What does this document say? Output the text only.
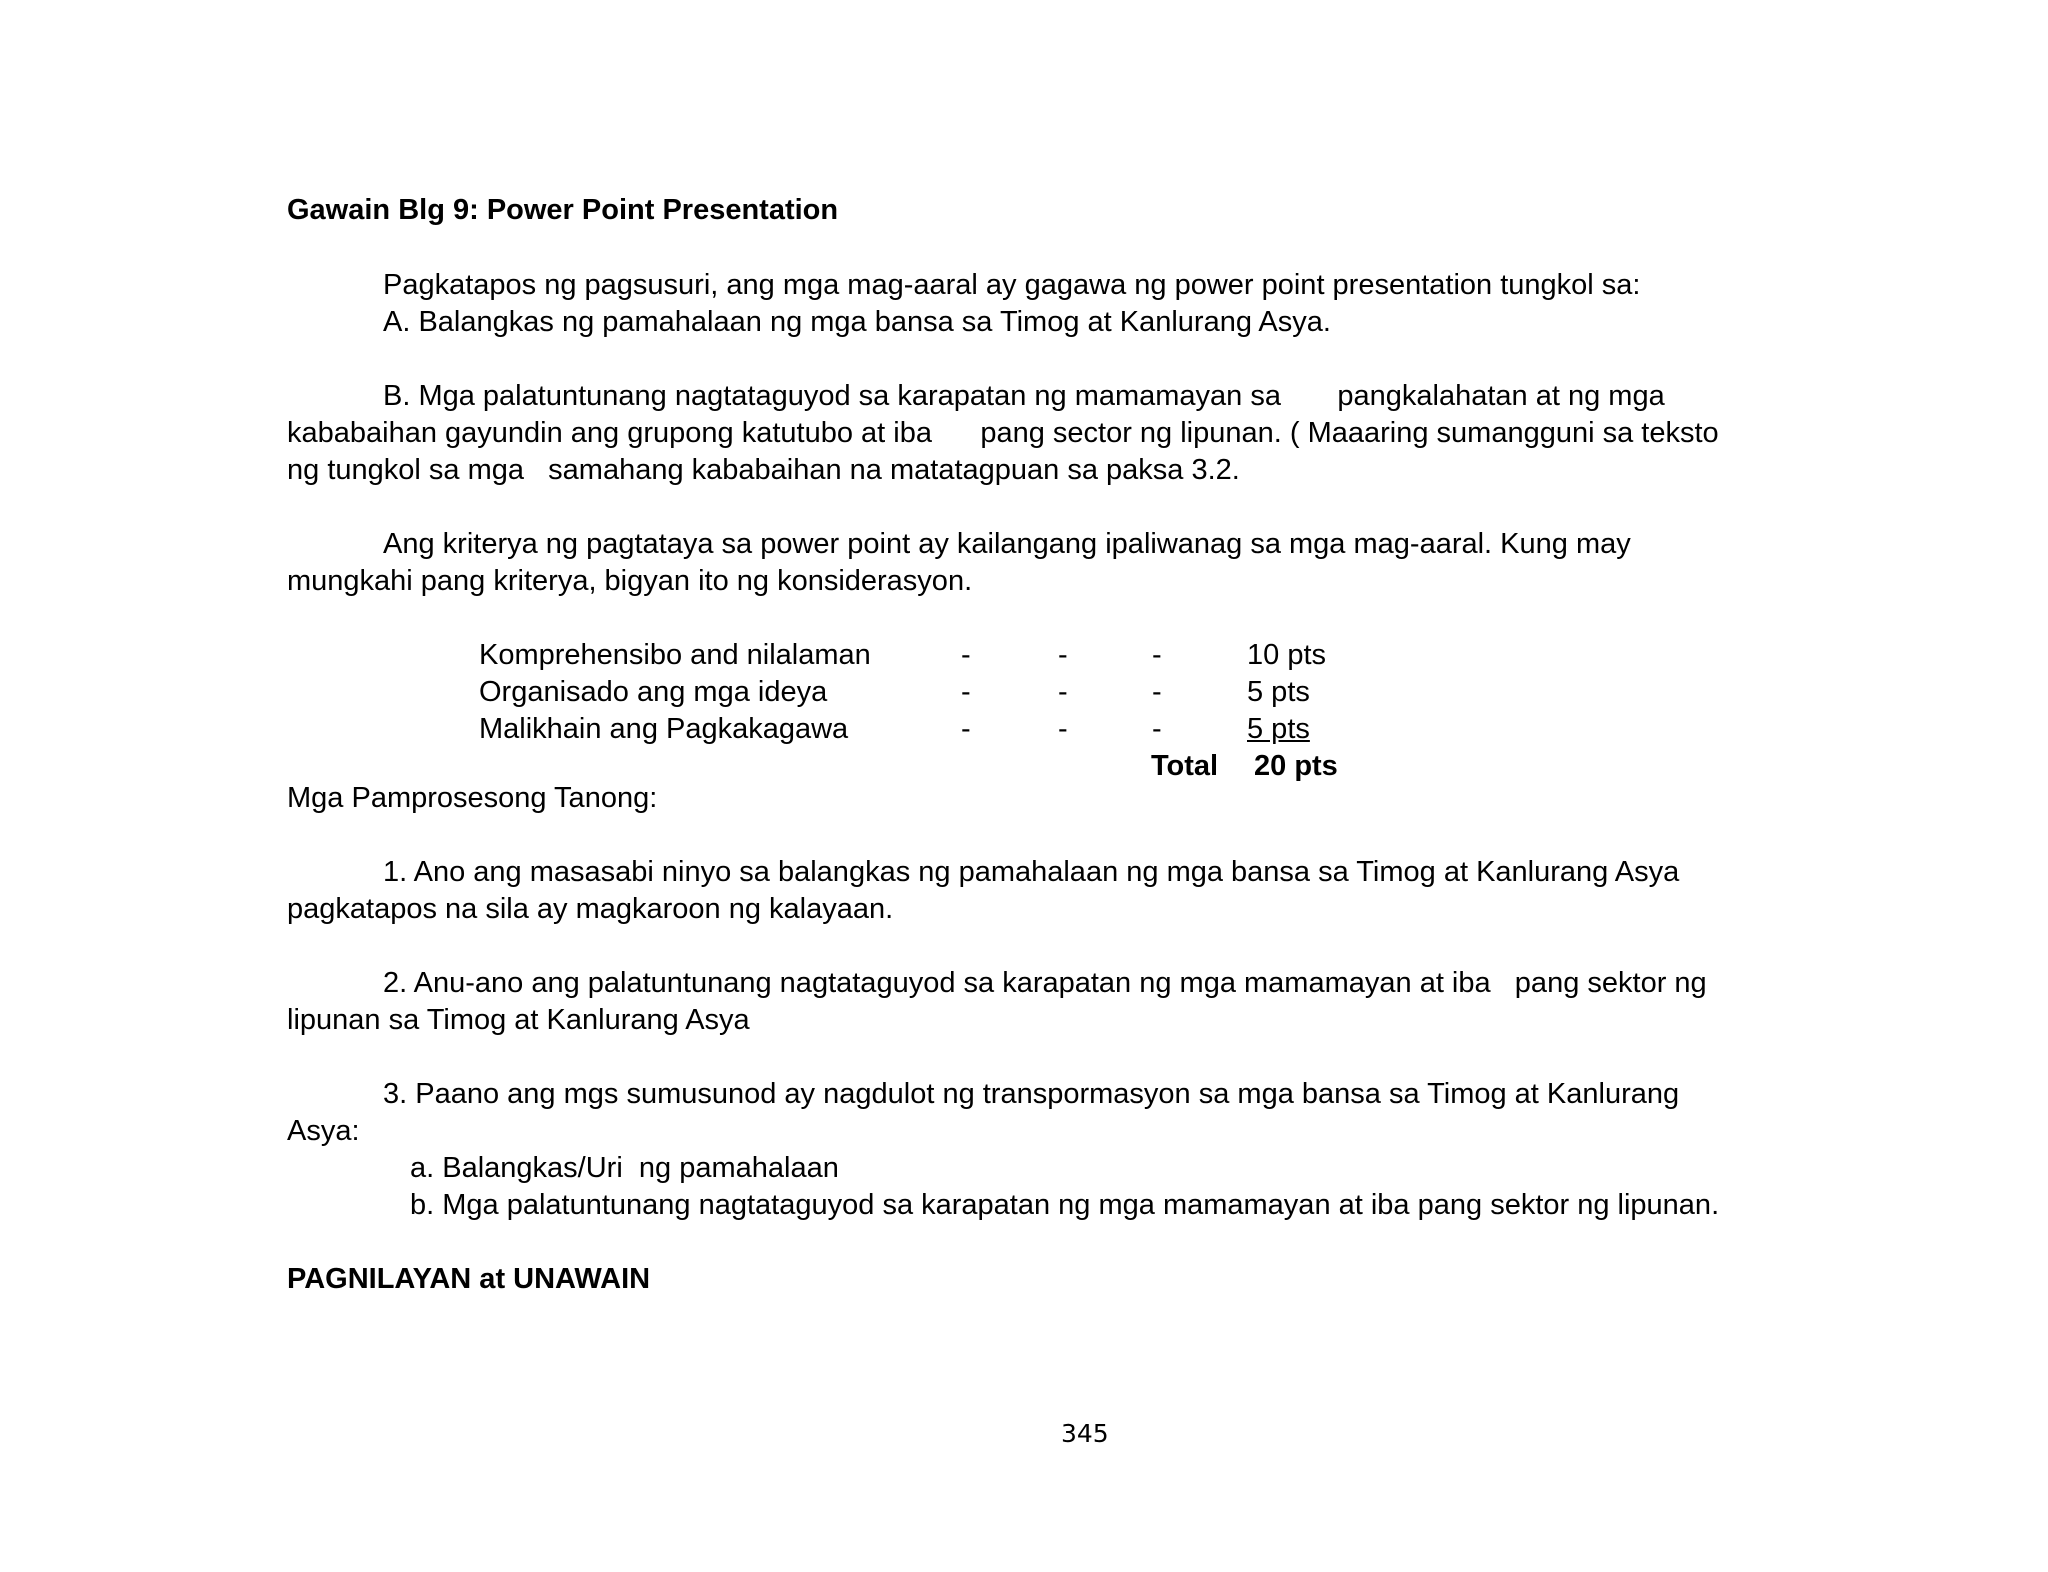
Gawain Blg 9: Power Point Presentation
Pagkatapos ng pagsusuri, ang mga mag-aaral ay gagawa ng power point presentation tungkol sa:
A. Balangkas ng pamahalaan ng mga bansa sa Timog at Kanlurang Asya.
B. Mga palatuntunang nagtataguyod sa karapatan ng mamamayan sa       pangkalahatan at ng mga
kababaihan gayundin ang grupong katutubo at iba      pang sector ng lipunan. ( Maaaring sumangguni sa teksto
ng tungkol sa mga   samahang kababaihan na matatagpuan sa paksa 3.2.
Ang kriterya ng pagtataya sa power point ay kailangang ipaliwanag sa mga mag-aaral. Kung may
mungkahi pang kriterya, bigyan ito ng konsiderasyon.
Komprehensibo and nilalaman	-	-	-	10 pts
Organisado ang mga ideya	-	-	-	5 pts
Malikhain ang Pagkakagawa	-	-	-	5 pts
Total 20 pts
Mga Pamprosesong Tanong:
1. Ano ang masasabi ninyo sa balangkas ng pamahalaan ng mga bansa sa Timog at Kanlurang Asya
pagkatapos na sila ay magkaroon ng kalayaan.
2. Anu-ano ang palatuntunang nagtataguyod sa karapatan ng mga mamamayan at iba   pang sektor ng
lipunan sa Timog at Kanlurang Asya
3. Paano ang mgs sumusunod ay nagdulot ng transpormasyon sa mga bansa sa Timog at Kanlurang
Asya:
a. Balangkas/Uri  ng pamahalaan
b. Mga palatuntunang nagtataguyod sa karapatan ng mga mamamayan at iba pang sektor ng lipunan.
PAGNILAYAN at UNAWAIN
345
